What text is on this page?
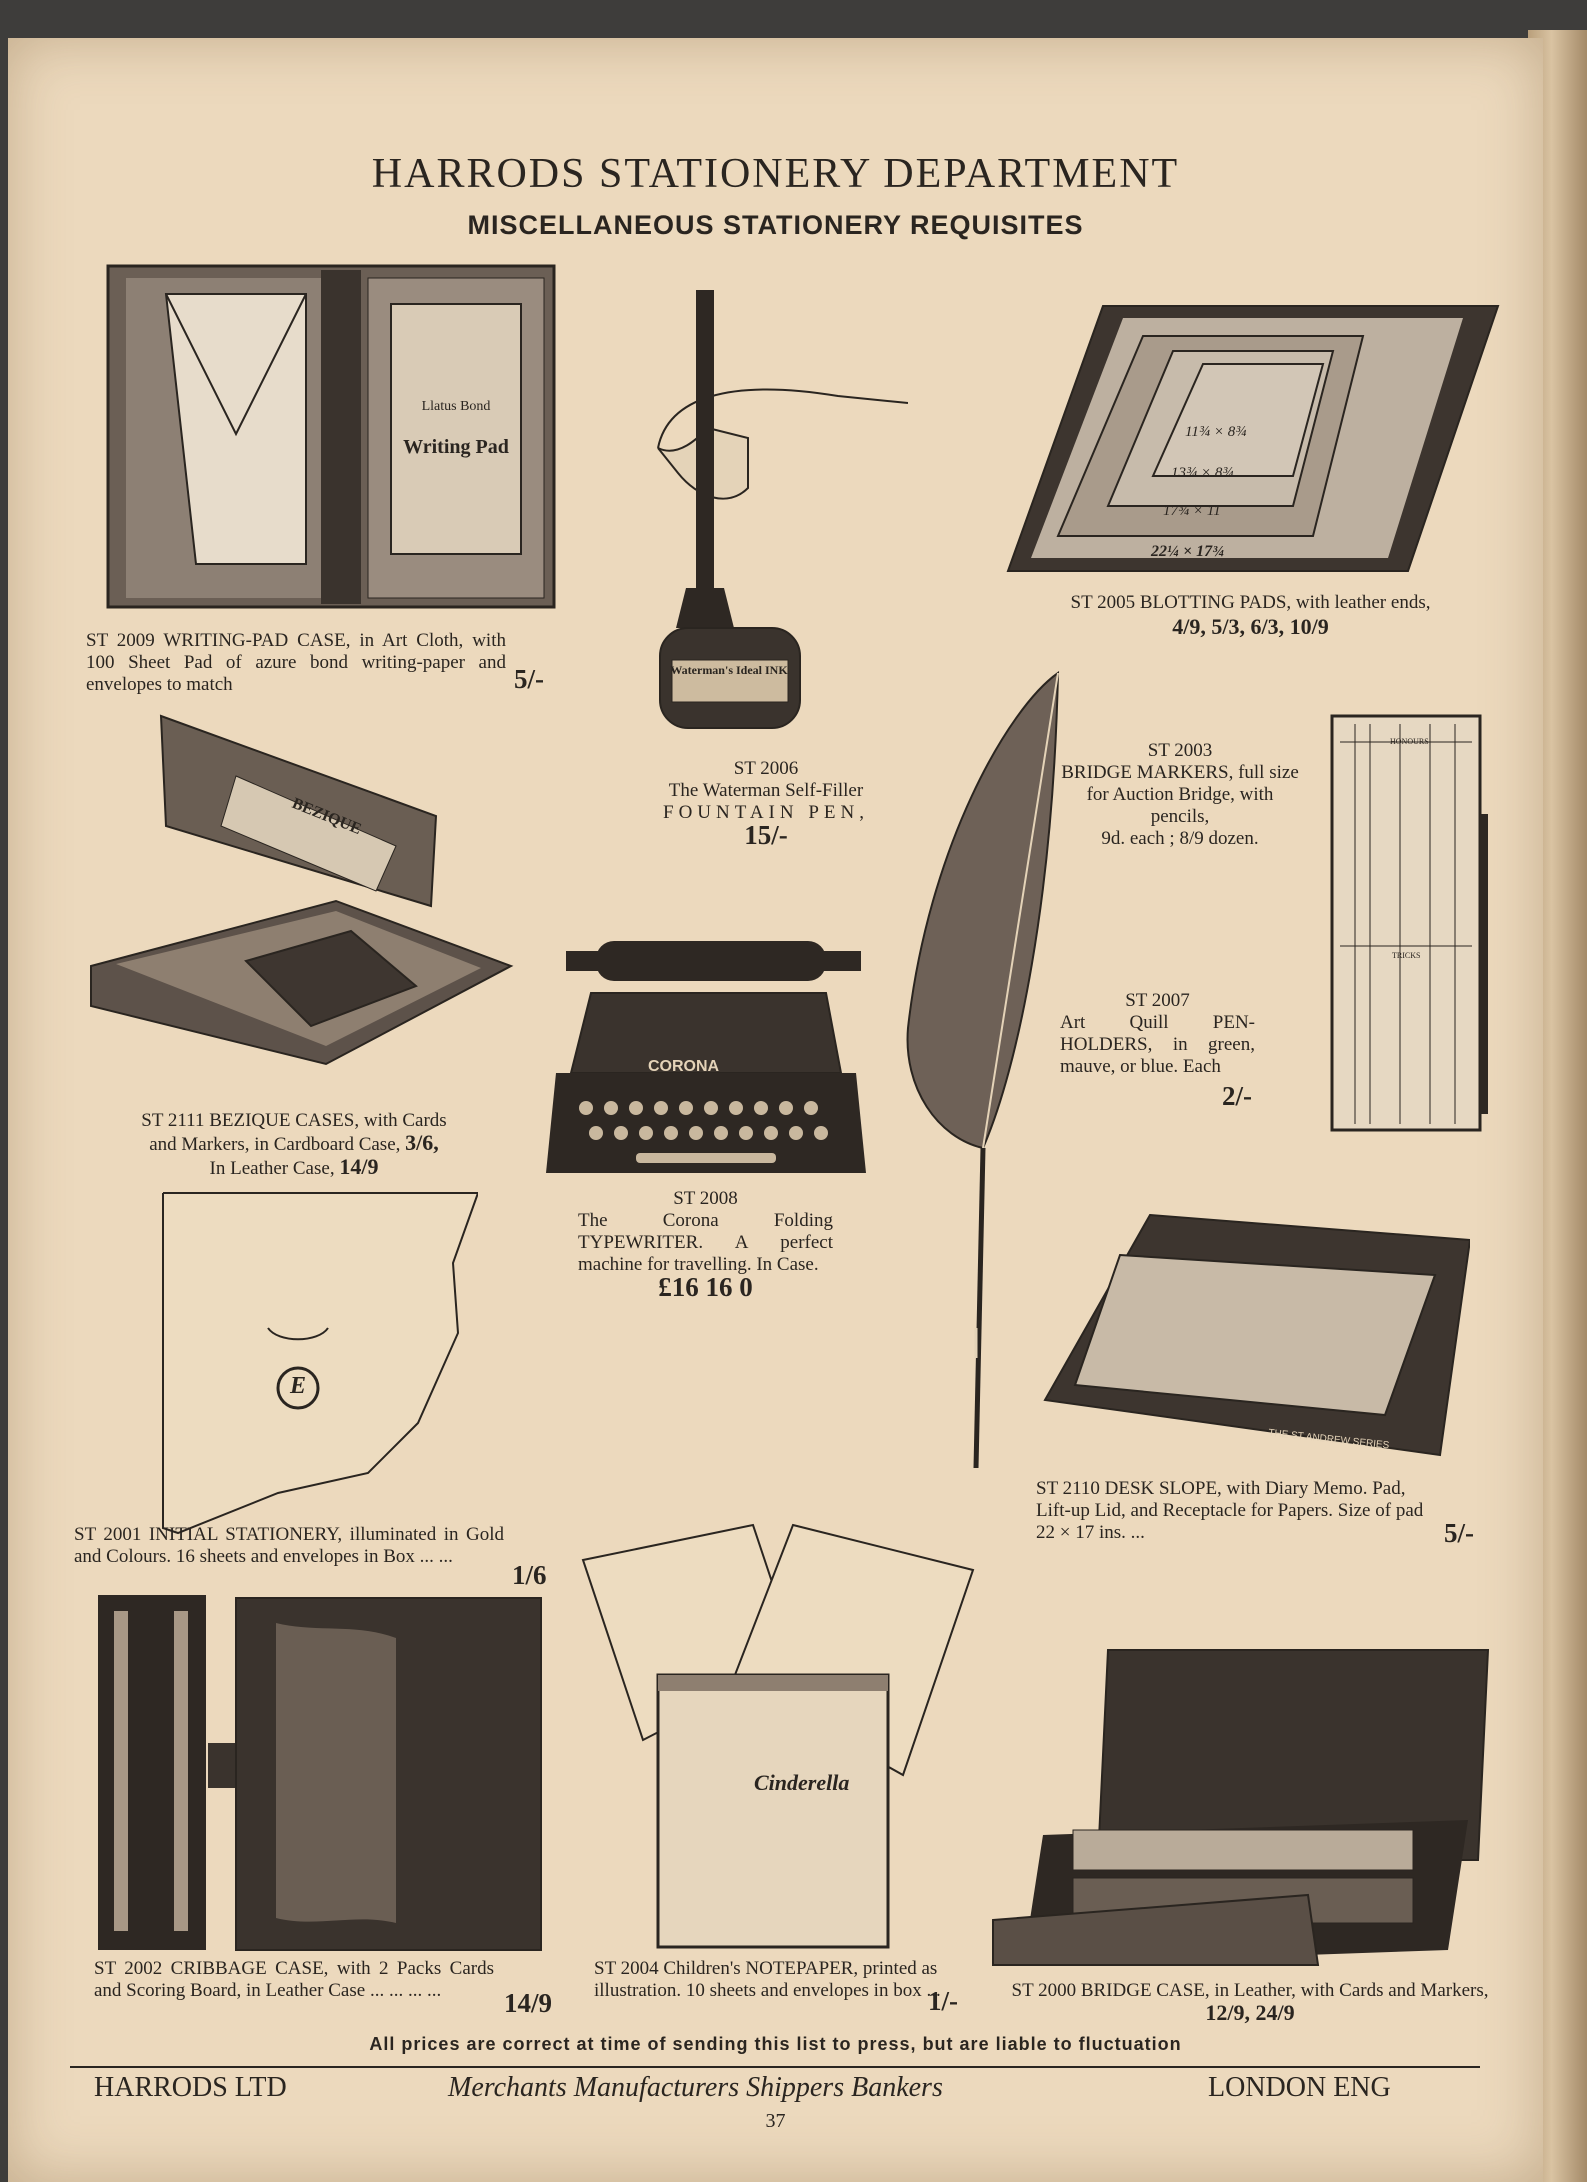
HARRODS STATIONERY DEPARTMENT
MISCELLANEOUS STATIONERY REQUISITES
Llatus Bond
Writing Pad
ST 2009 WRITING-PAD CASE, in Art Cloth, with 100 Sheet Pad of azure bond writing-paper and envelopes to match	5/-	Waterman's Ideal INK
ST 2006
The Waterman Self-Filler
FOUNTAIN PEN,
15/-
11¾ × 8¾
13¾ × 8¾
17¾ × 11
22¼ × 17¾
ST 2005 BLOTTING PADS, with leather ends,
4/9, 5/3, 6/3, 10/9
BEZIQUE
ST 2111 BEZIQUE CASES, with Cards
and Markers, in Cardboard Case, 3/6,
In Leather Case, 14/9
CORONA
ST 2008
The Corona Folding TYPEWRITER. A perfect machine for travelling. In Case.
£16 16 0
ST 2003
BRIDGE MARKERS, full size for Auction Bridge, with pencils,
9d. each ; 8/9 dozen.
HONOURS
TRICKS
ST 2007
Art Quill PEN-HOLDERS, in green, mauve, or blue. Each
2/-
E
ST 2001 INITIAL STATIONERY, illuminated in Gold and Colours. 16 sheets and envelopes in Box ... ...
1/6
THE ST ANDREW SERIES
ST 2110 DESK SLOPE, with Diary Memo. Pad, Lift-up Lid, and Receptacle for Papers. Size of pad 22 × 17 ins. ...	5/-
ST 2002 CRIBBAGE CASE, with 2 Packs Cards and Scoring Board, in Leather Case ... ... ... ...	14/9
Cinderella
ST 2004 Children's NOTEPAPER, printed as illustration. 10 sheets and envelopes in box ...
1/-	ST 2000 BRIDGE CASE, in Leather, with Cards and Markers, 12/9, 24/9
All prices are correct at time of sending this list to press, but are liable to fluctuation
HARRODS LTD	Merchants Manufacturers Shippers Bankers	LONDON ENG
37
